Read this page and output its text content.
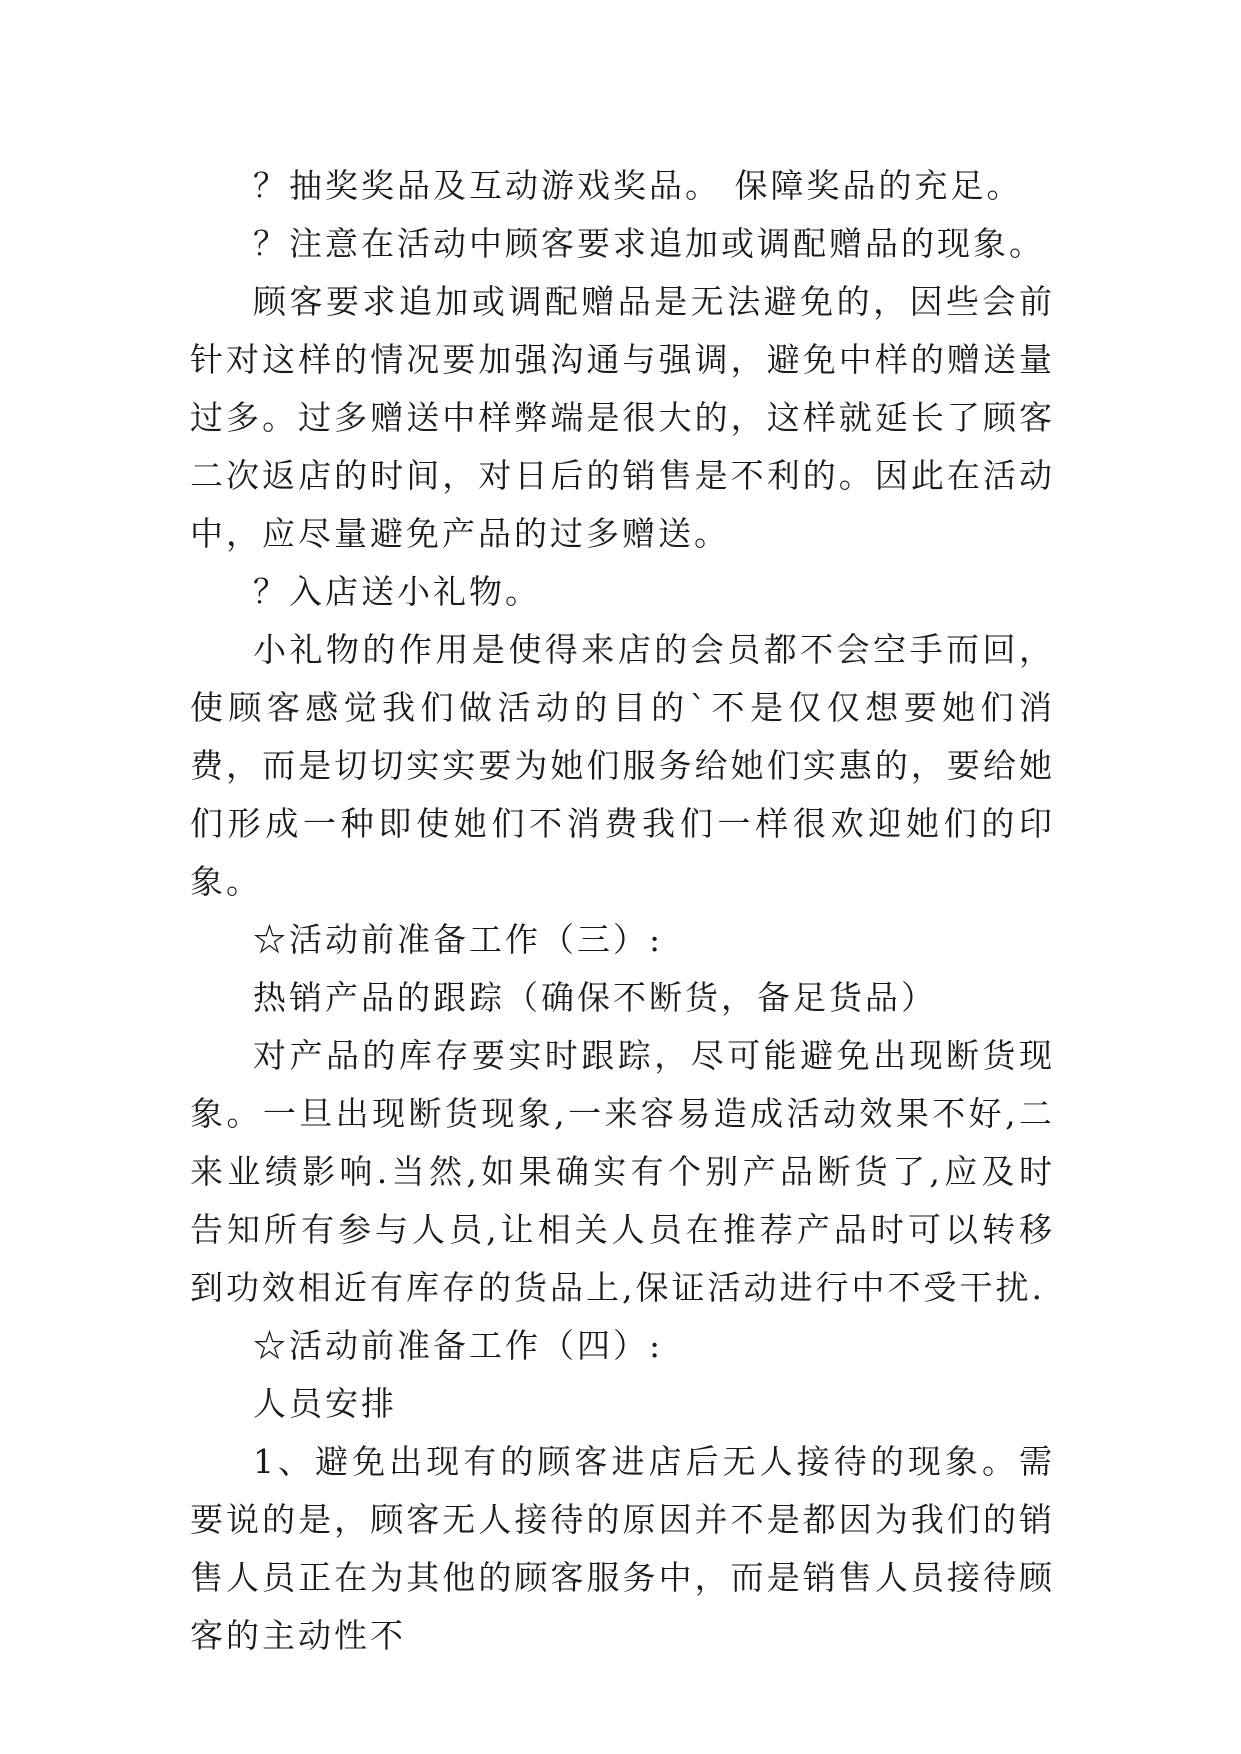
？抽奖奖品及互动游戏奖品。 保障奖品的充足。

？注意在活动中顾客要求追加或调配赠品的现象。

顾客要求追加或调配赠品是无法避免的，因些会前针对这样的情况要加强沟通与强调，避免中样的赠送量过多。过多赠送中样弊端是很大的，这样就延长了顾客二次返店的时间，对日后的销售是不利的。因此在活动中，应尽量避免产品的过多赠送。

？入店送小礼物。

小礼物的作用是使得来店的会员都不会空手而回，使顾客感觉我们做活动的目的`不是仅仅想要她们消费，而是切切实实要为她们服务给她们实惠的，要给她们形成一种即使她们不消费我们一样很欢迎她们的印象。

☆活动前准备工作（三）:

热销产品的跟踪（确保不断货，备足货品）

对产品的库存要实时跟踪，尽可能避免出现断货现象。一旦出现断货现象,一来容易造成活动效果不好,二来业绩影响.当然,如果确实有个别产品断货了,应及时告知所有参与人员,让相关人员在推荐产品时可以转移到功效相近有库存的货品上,保证活动进行中不受干扰.

☆活动前准备工作（四）:

人员安排

1、避免出现有的顾客进店后无人接待的现象。需要说的是，顾客无人接待的原因并不是都因为我们的销售人员正在为其他的顾客服务中，而是销售人员接待顾客的主动性不
